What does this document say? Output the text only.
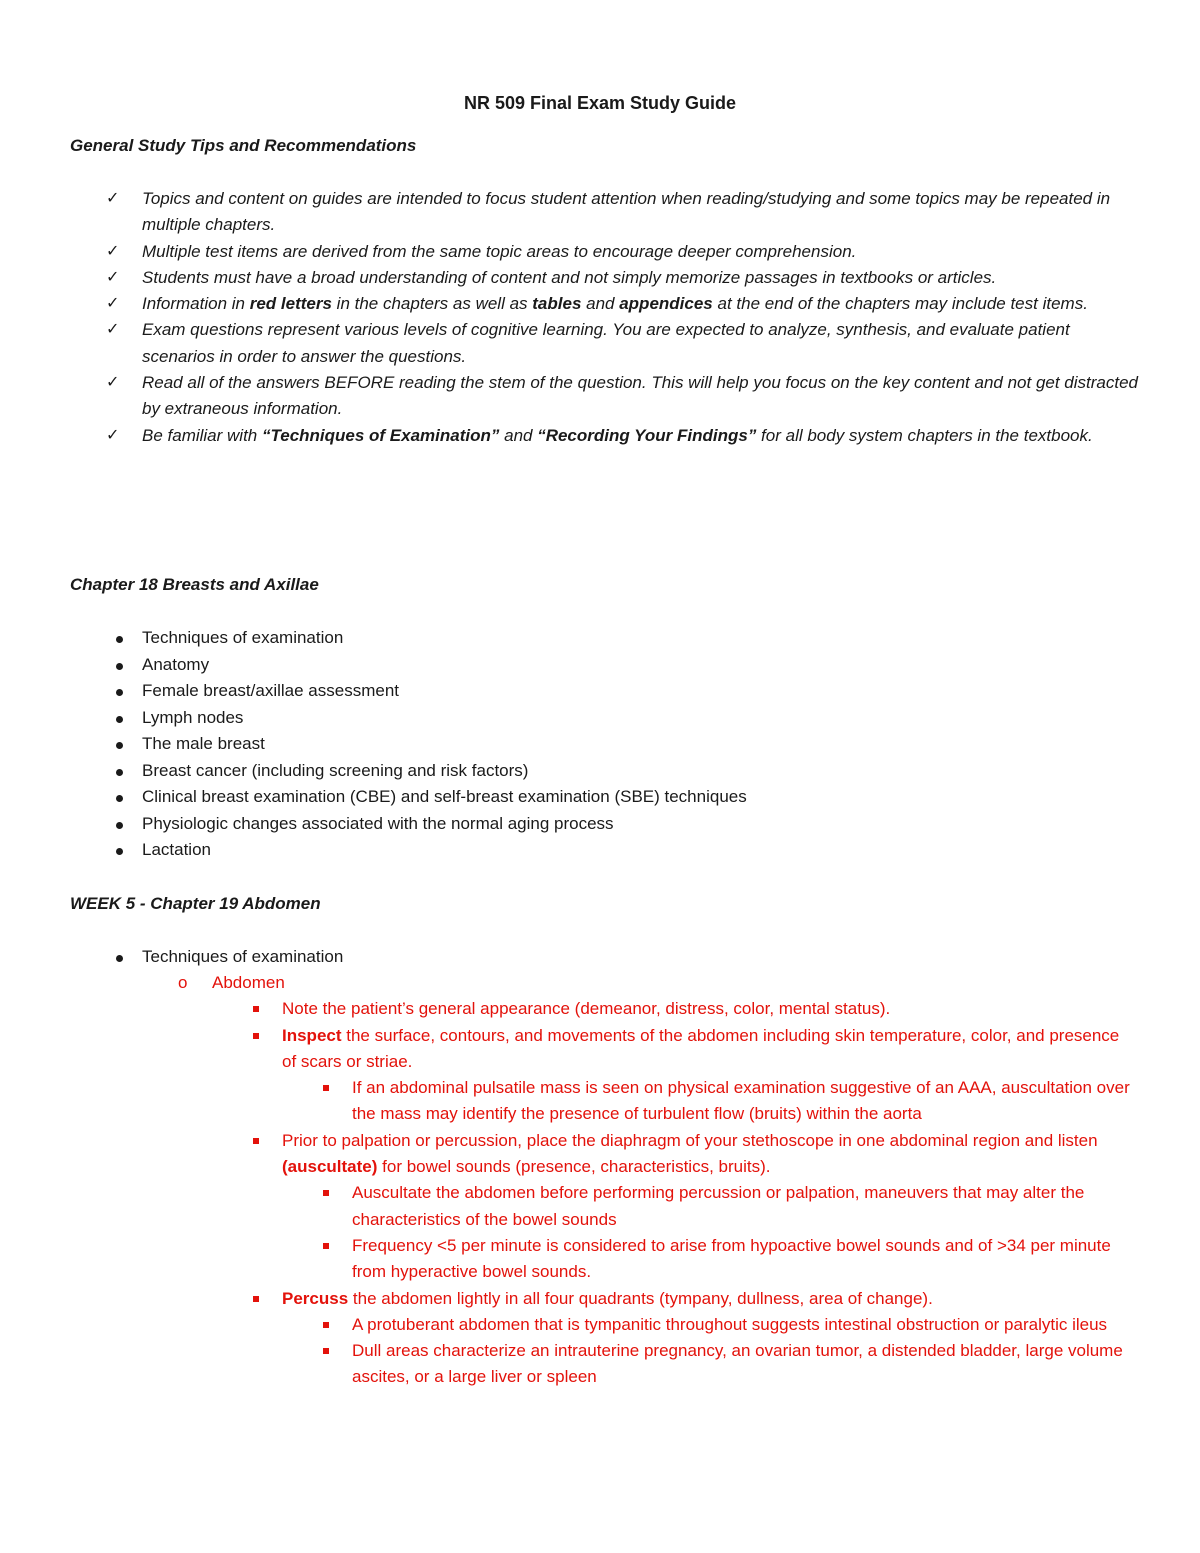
NR 509 Final Exam Study Guide
General Study Tips and Recommendations
✓ Topics and content on guides are intended to focus student attention when reading/studying and some topics may be repeated in multiple chapters.
✓ Multiple test items are derived from the same topic areas to encourage deeper comprehension.
✓ Students must have a broad understanding of content and not simply memorize passages in textbooks or articles.
✓ Information in red letters in the chapters as well as tables and appendices at the end of the chapters may include test items.
✓ Exam questions represent various levels of cognitive learning. You are expected to analyze, synthesis, and evaluate patient scenarios in order to answer the questions.
✓ Read all of the answers BEFORE reading the stem of the question. This will help you focus on the key content and not get distracted by extraneous information.
✓ Be familiar with “Techniques of Examination” and “Recording Your Findings” for all body system chapters in the textbook.
Chapter 18 Breasts and Axillae
Techniques of examination
Anatomy
Female breast/axillae assessment
Lymph nodes
The male breast
Breast cancer (including screening and risk factors)
Clinical breast examination (CBE) and self-breast examination (SBE) techniques
Physiologic changes associated with the normal aging process
Lactation
WEEK 5 - Chapter 19 Abdomen
Techniques of examination
o Abdomen
Note the patient’s general appearance (demeanor, distress, color, mental status).
Inspect the surface, contours, and movements of the abdomen including skin temperature, color, and presence of scars or striae.
If an abdominal pulsatile mass is seen on physical examination suggestive of an AAA, auscultation over the mass may identify the presence of turbulent flow (bruits) within the aorta
Prior to palpation or percussion, place the diaphragm of your stethoscope in one abdominal region and listen (auscultate) for bowel sounds (presence, characteristics, bruits).
Auscultate the abdomen before performing percussion or palpation, maneuvers that may alter the characteristics of the bowel sounds
Frequency <5 per minute is considered to arise from hypoactive bowel sounds and of >34 per minute from hyperactive bowel sounds.
Percuss the abdomen lightly in all four quadrants (tympany, dullness, area of change).
A protuberant abdomen that is tympanitic throughout suggests intestinal obstruction or paralytic ileus
Dull areas characterize an intrauterine pregnancy, an ovarian tumor, a distended bladder, large volume ascites, or a large liver or spleen
